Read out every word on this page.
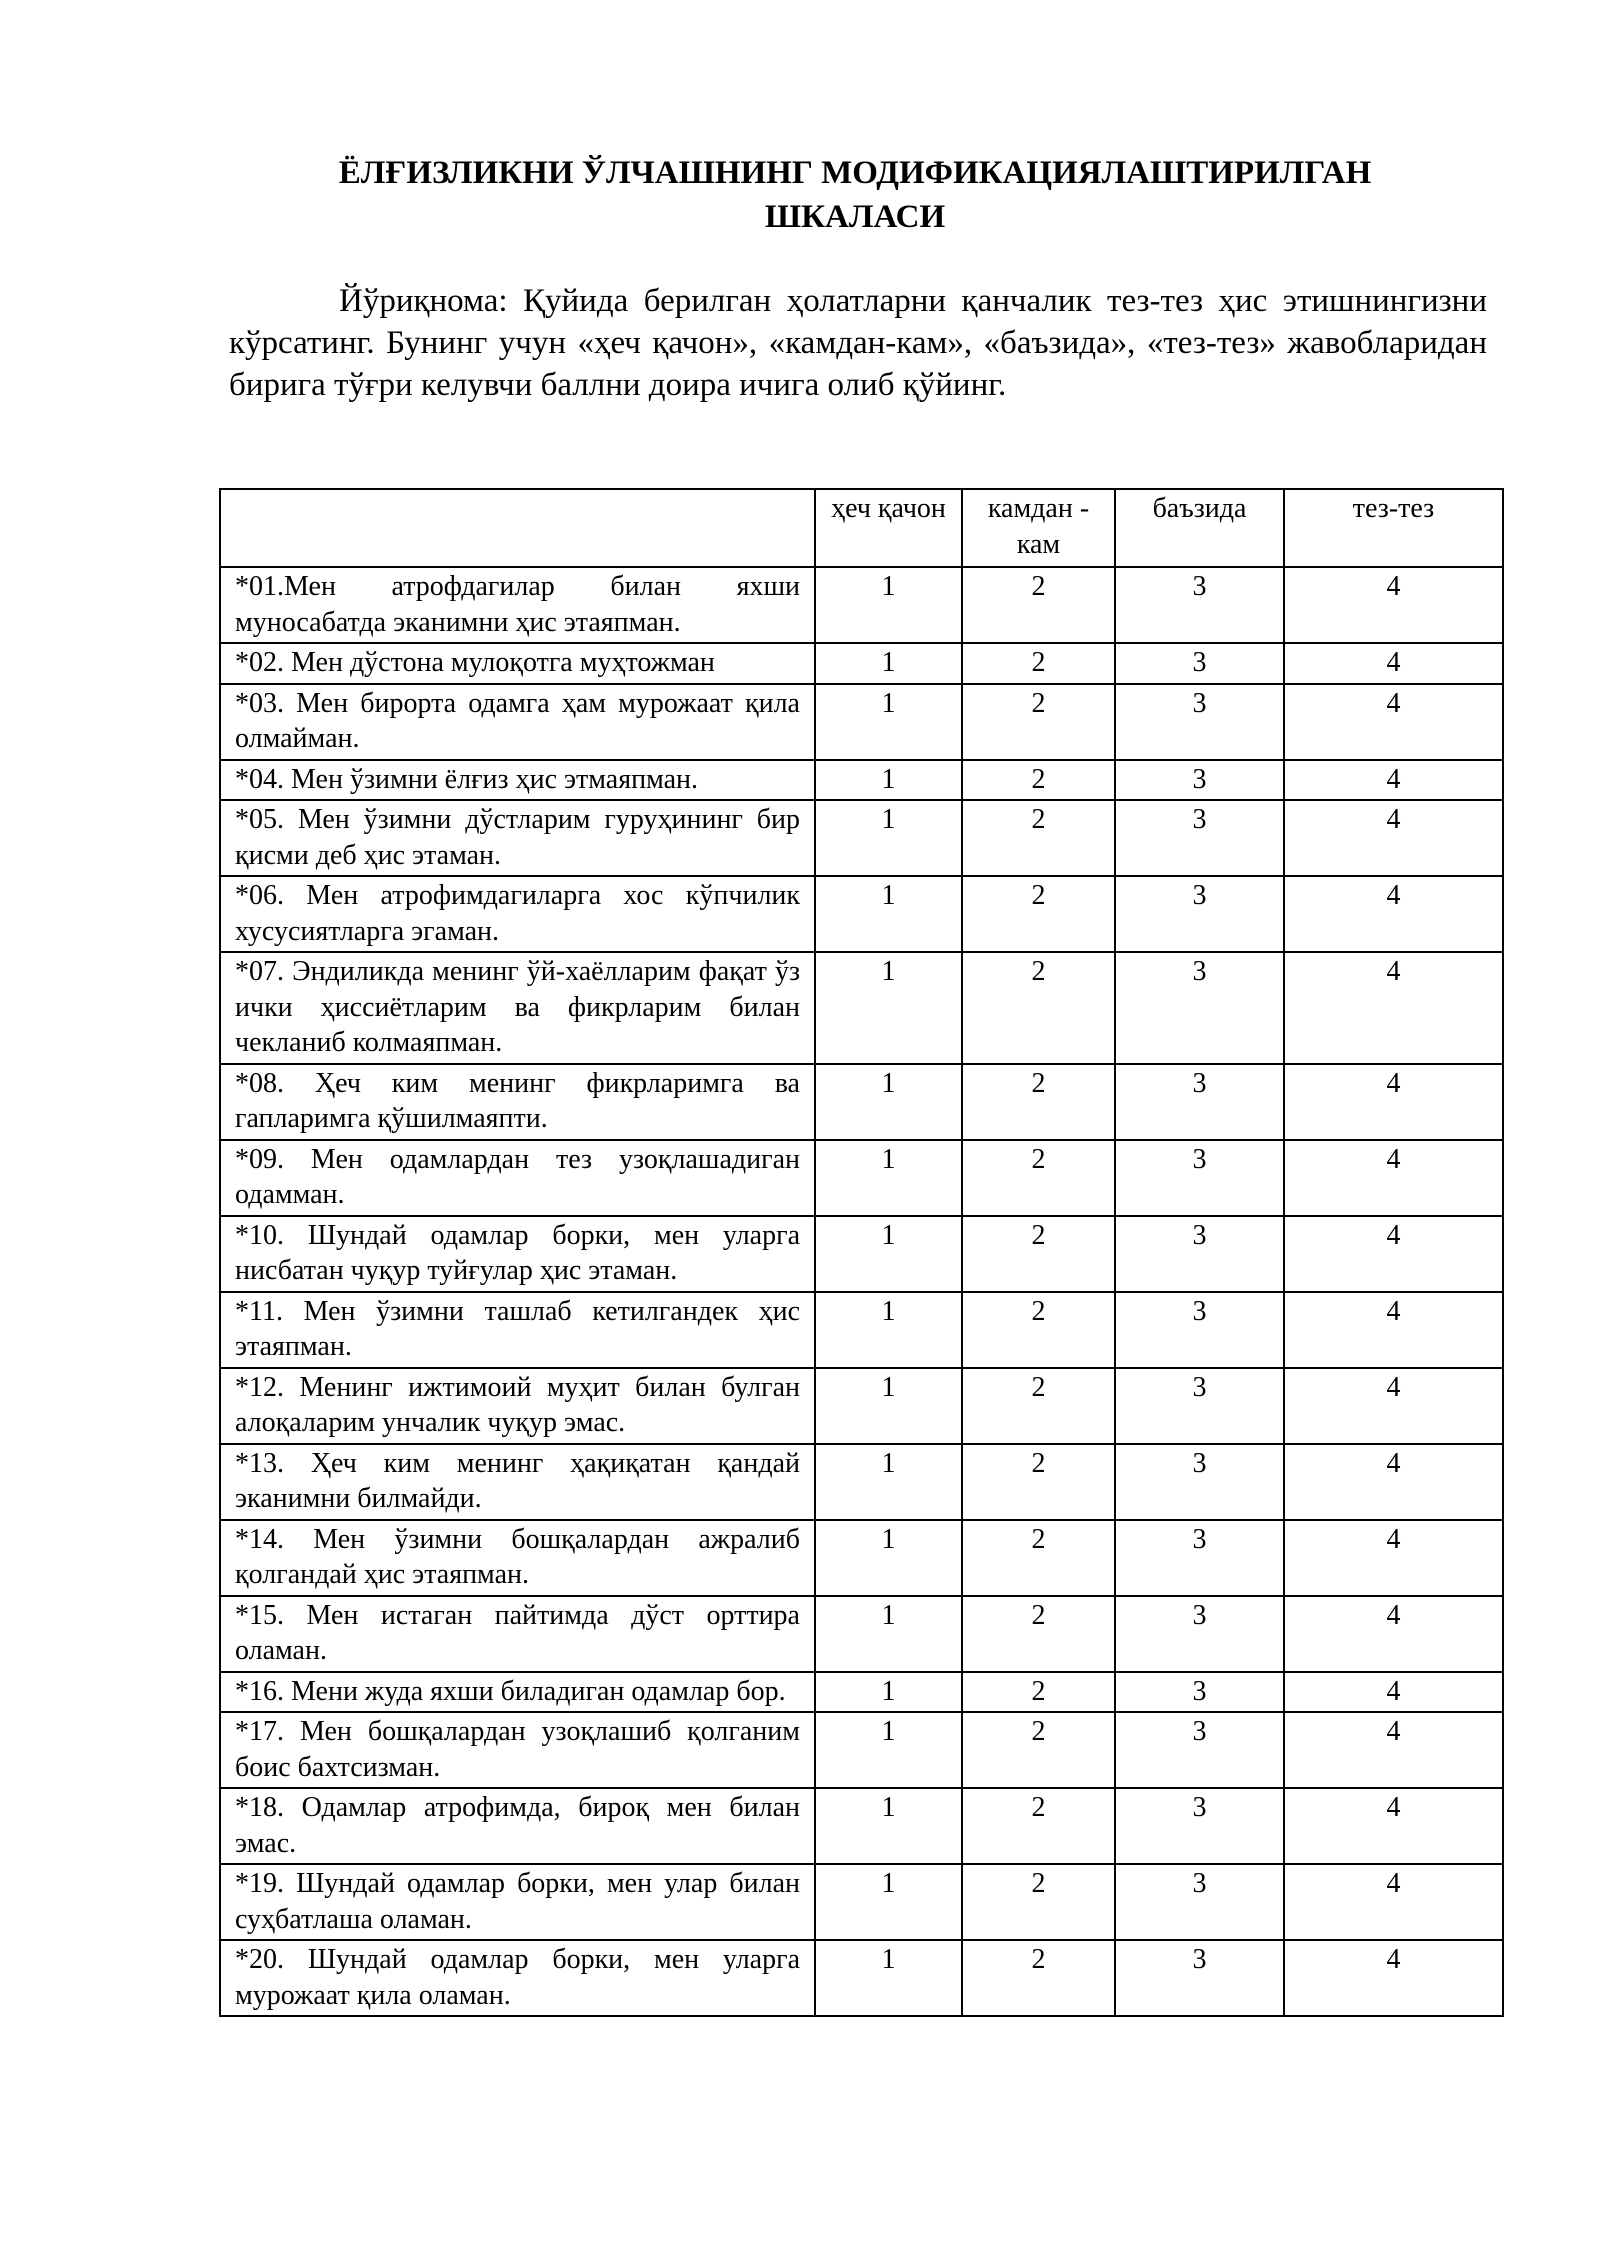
ЁЛҒИЗЛИКНИ ЎЛЧАШНИНГ МОДИФИКАЦИЯЛАШТИРИЛГАН
ШКАЛАСИ

Йўриқнома: Қуйида берилган ҳолатларни қанчалик тез-тез ҳис этишнингизни кўрсатинг. Бунинг учун «ҳеч қачон», «камдан-кам», «баъзида», «тез-тез» жавобларидан бирига тўғри келувчи баллни доира ичига олиб қўйинг.

	ҳеч қачон	камдан - кам	баъзида	тез-тез
*01.Мен атрофдагилар билан яхши муносабатда эканимни ҳис этаяпман.	1	2	3	4
*02. Мен дўстона мулоқотга муҳтожман	1	2	3	4
*03. Мен бирорта одамга ҳам мурожаат қила олмайман.	1	2	3	4
*04. Мен ўзимни ёлғиз ҳис этмаяпман.	1	2	3	4
*05. Мен ўзимни дўстларим гуруҳининг бир қисми деб ҳис этаман.	1	2	3	4
*06. Мен атрофимдагиларга хос кўпчилик хусусиятларга эгаман.	1	2	3	4
*07. Эндиликда менинг ўй-хаёлларим фақат ўз ички ҳиссиётларим ва фикрларим билан чекланиб колмаяпман.	1	2	3	4
*08. Ҳеч ким менинг фикрларимга ва гапларимга қўшилмаяпти.	1	2	3	4
*09. Мен одамлардан тез узоқлашадиган одамман.	1	2	3	4
*10. Шундай одамлар борки, мен уларга нисбатан чуқур туйғулар ҳис этаман.	1	2	3	4
*11. Мен ўзимни ташлаб кетилгандек ҳис этаяпман.	1	2	3	4
*12. Менинг ижтимоий муҳит билан булган алоқаларим унчалик чуқур эмас.	1	2	3	4
*13. Ҳеч ким менинг ҳақиқатан қандай эканимни билмайди.	1	2	3	4
*14. Мен ўзимни бошқалардан ажралиб қолгандай ҳис этаяпман.	1	2	3	4
*15. Мен истаган пайтимда дўст орттира оламан.	1	2	3	4
*16. Мени жуда яхши биладиган одамлар бор.	1	2	3	4
*17. Мен бошқалардан узоқлашиб қолганим боис бахтсизман.	1	2	3	4
*18. Одамлар атрофимда, бироқ мен билан эмас.	1	2	3	4
*19. Шундай одамлар борки, мен улар билан суҳбатлаша оламан.	1	2	3	4
*20. Шундай одамлар борки, мен уларга мурожаат қила оламан.	1	2	3	4
